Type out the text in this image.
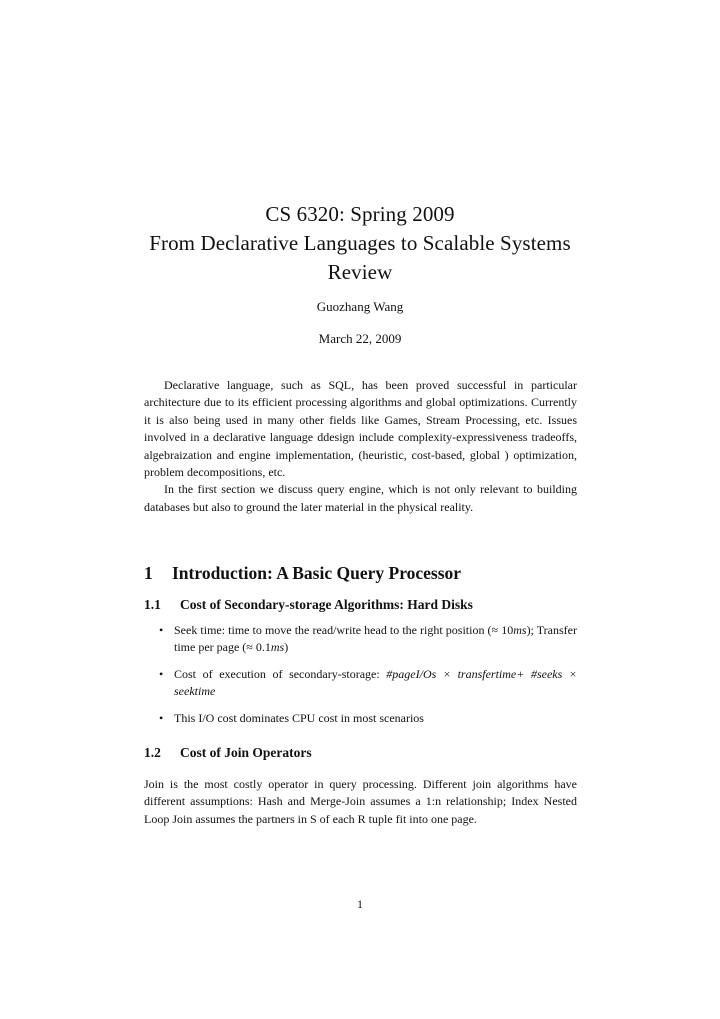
CS 6320: Spring 2009
From Declarative Languages to Scalable Systems
Review
Guozhang Wang
March 22, 2009

Declarative language, such as SQL, has been proved successful in particular architecture due to its efficient processing algorithms and global optimizations. Currently it is also being used in many other fields like Games, Stream Processing, etc. Issues involved in a declarative language ddesign include complexity-expressiveness tradeoffs, algebraization and engine implementation, (heuristic, cost-based, global ) optimization, problem decompositions, etc.

In the first section we discuss query engine, which is not only relevant to building databases but also to ground the later material in the physical reality.

1 Introduction: A Basic Query Processor
1.1 Cost of Secondary-storage Algorithms: Hard Disks
• Seek time: time to move the read/write head to the right position (≈ 10ms); Transfer time per page (≈ 0.1ms)
• Cost of execution of secondary-storage: #pageI/Os × transfertime+ #seeks × seektime
• This I/O cost dominates CPU cost in most scenarios
1.2 Cost of Join Operators

Join is the most costly operator in query processing. Different join algorithms have different assumptions: Hash and Merge-Join assumes a 1:n relationship; Index Nested Loop Join assumes the partners in S of each R tuple fit into one page.

1
